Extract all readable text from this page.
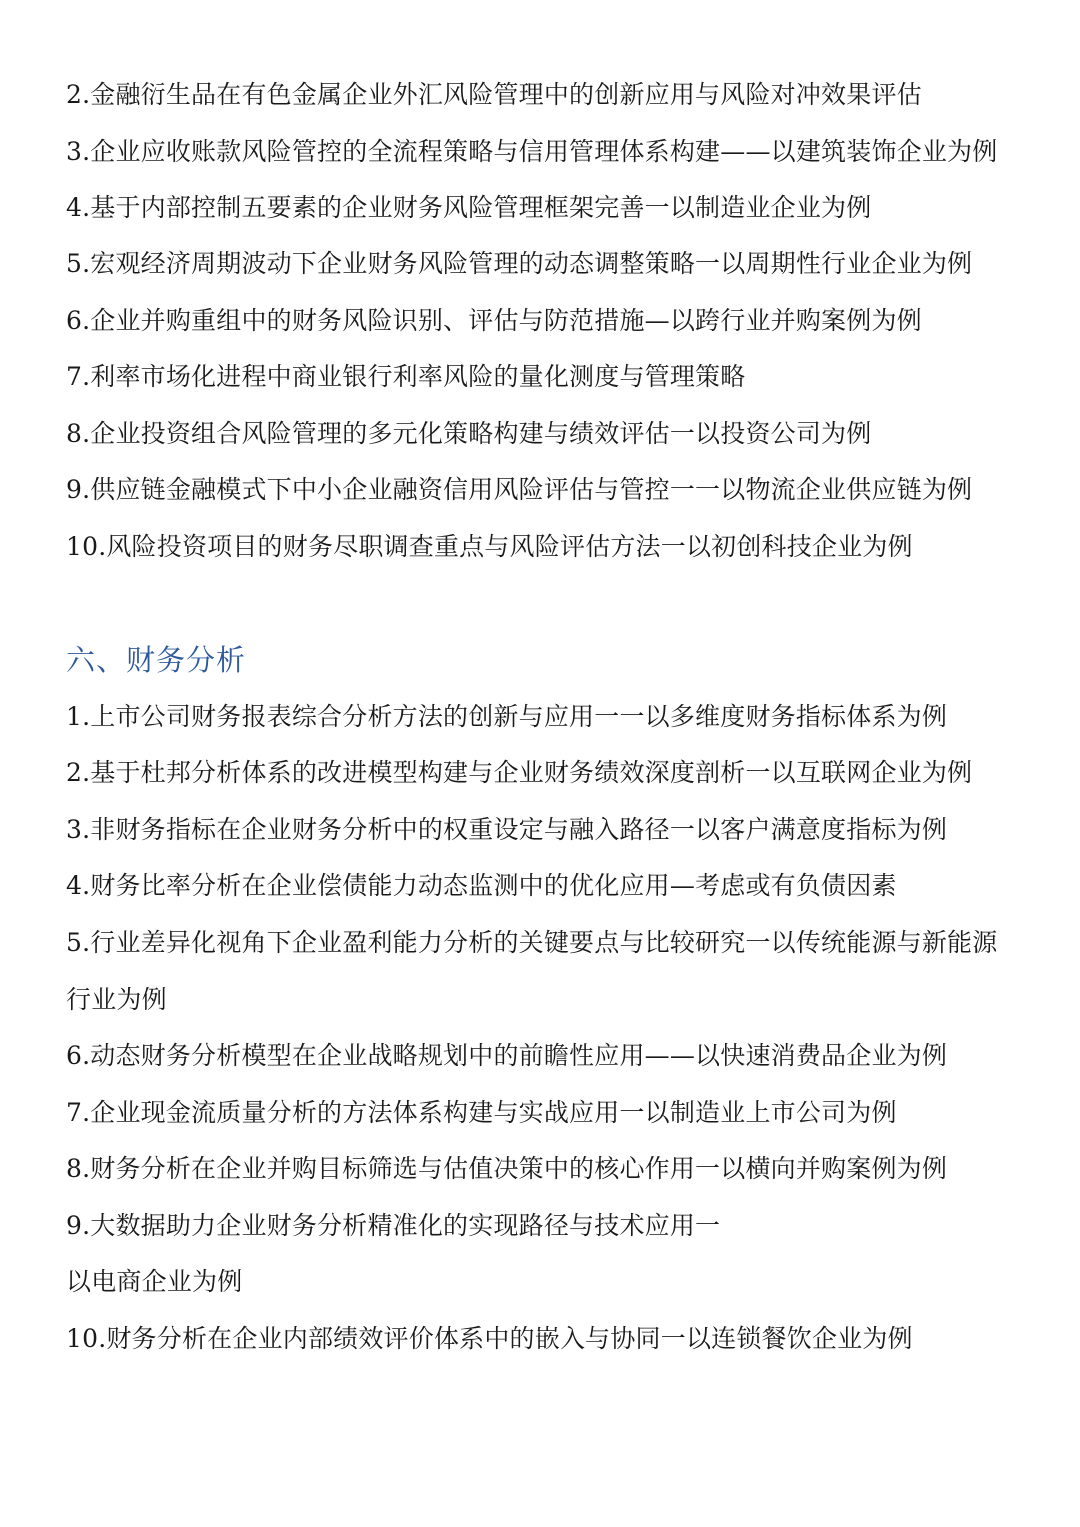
2.金融衍生品在有色金属企业外汇风险管理中的创新应用与风险对冲效果评估
3.企业应收账款风险管控的全流程策略与信用管理体系构建——以建筑装饰企业为例
4.基于内部控制五要素的企业财务风险管理框架完善一以制造业企业为例
5.宏观经济周期波动下企业财务风险管理的动态调整策略一以周期性行业企业为例
6.企业并购重组中的财务风险识别、评估与防范措施—以跨行业并购案例为例
7.利率市场化进程中商业银行利率风险的量化测度与管理策略
8.企业投资组合风险管理的多元化策略构建与绩效评估一以投资公司为例
9.供应链金融模式下中小企业融资信用风险评估与管控一一以物流企业供应链为例
10.风险投资项目的财务尽职调查重点与风险评估方法一以初创科技企业为例
六、财务分析
1.上市公司财务报表综合分析方法的创新与应用一一以多维度财务指标体系为例
2.基于杜邦分析体系的改进模型构建与企业财务绩效深度剖析一以互联网企业为例
3.非财务指标在企业财务分析中的权重设定与融入路径一以客户满意度指标为例
4.财务比率分析在企业偿债能力动态监测中的优化应用—考虑或有负债因素
5.行业差异化视角下企业盈利能力分析的关键要点与比较研究一以传统能源与新能源
行业为例
6.动态财务分析模型在企业战略规划中的前瞻性应用——以快速消费品企业为例
7.企业现金流质量分析的方法体系构建与实战应用一以制造业上市公司为例
8.财务分析在企业并购目标筛选与估值决策中的核心作用一以横向并购案例为例
9.大数据助力企业财务分析精准化的实现路径与技术应用一
以电商企业为例
10.财务分析在企业内部绩效评价体系中的嵌入与协同一以连锁餐饮企业为例
